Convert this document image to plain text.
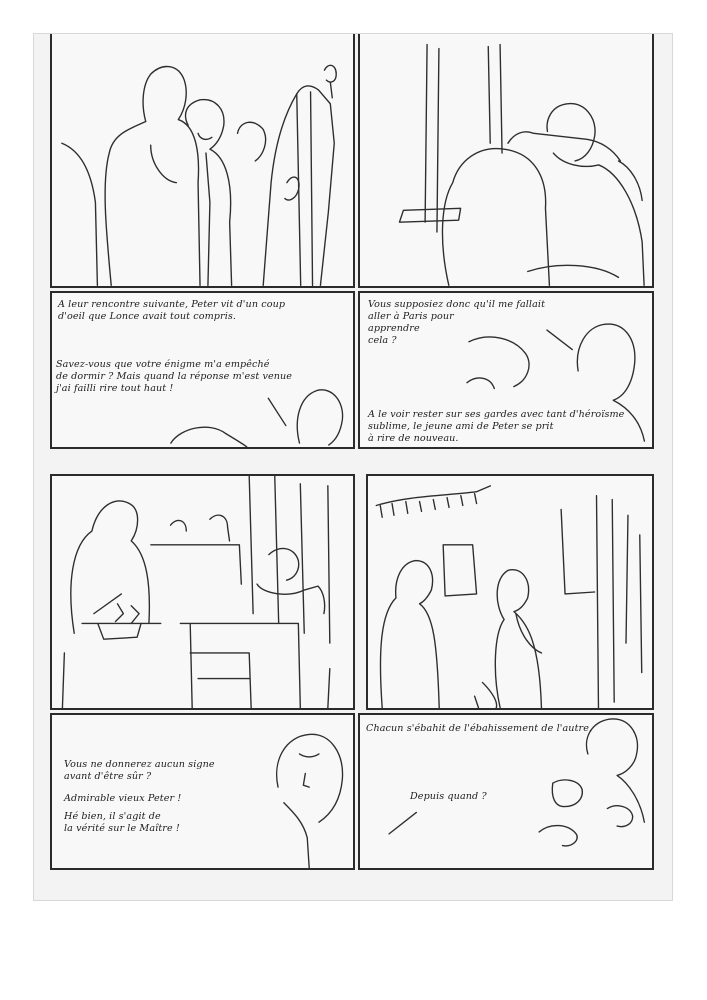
A leur rencontre suivante, Peter vit d'un coup
d'oeil que Lonce avait tout compris.
Savez-vous que votre énigme m'a empêché
de dormir ? Mais quand la réponse m'est venue
j'ai failli rire tout haut !
Vous supposiez donc qu'il me fallait
aller à Paris pour
apprendre
cela ?
A le voir rester sur ses gardes avec tant d'héroïsme
sublime, le jeune ami de Peter se prit
à rire de nouveau.
Vous ne donnerez aucun signe
avant d'être sûr ?
Admirable vieux Peter !
Hé bien, il s'agit de
la vérité sur le Maître !
Chacun s'ébahit de l'ébahissement de l'autre.
Depuis quand ?
